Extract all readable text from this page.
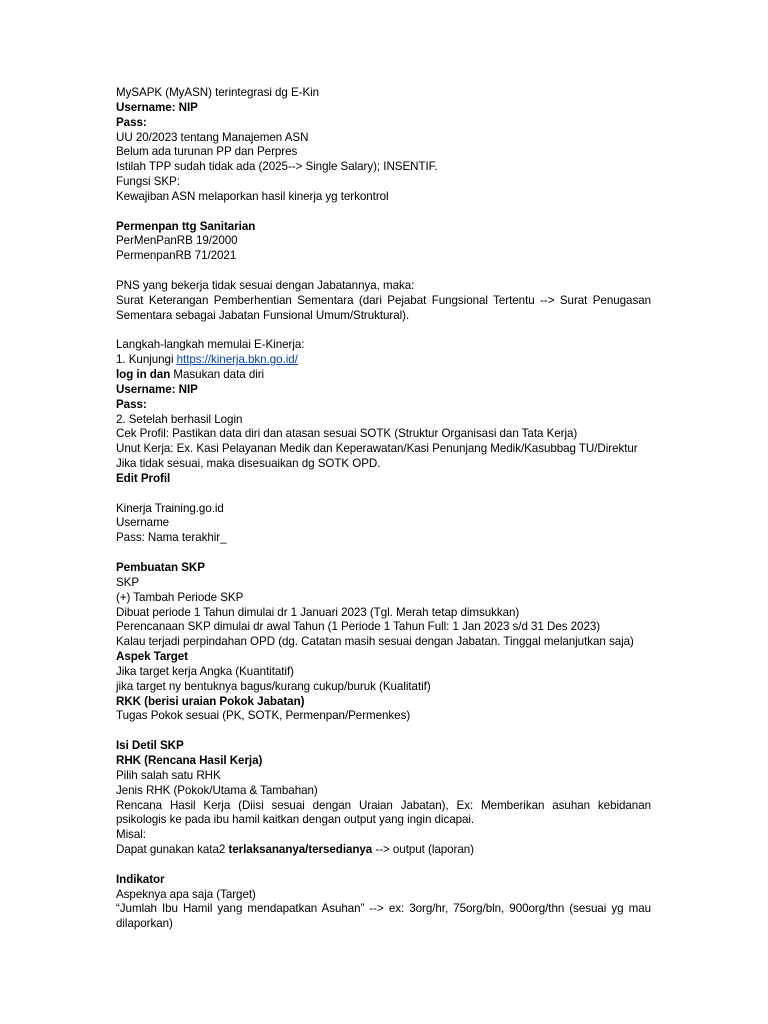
MySAPK (MyASN) terintegrasi dg E-Kin
Username: NIP
Pass:
UU 20/2023 tentang Manajemen ASN
Belum ada turunan PP dan Perpres
Istilah TPP sudah tidak ada (2025--> Single Salary); INSENTIF.
Fungsi SKP:
Kewajiban ASN melaporkan hasil kinerja yg terkontrol
Permenpan ttg Sanitarian
PerMenPanRB 19/2000
PermenpanRB 71/2021
PNS yang bekerja tidak sesuai dengan Jabatannya, maka:
Surat Keterangan Pemberhentian Sementara (dari Pejabat Fungsional Tertentu --> Surat Penugasan Sementara sebagai Jabatan Funsional Umum/Struktural).
Langkah-langkah memulai E-Kinerja:
1. Kunjungi https://kinerja.bkn.go.id/
log in dan Masukan data diri
Username: NIP
Pass:
2. Setelah berhasil Login
Cek Profil: Pastikan data diri dan atasan sesuai SOTK (Struktur Organisasi dan Tata Kerja)
Unut Kerja: Ex. Kasi Pelayanan Medik dan Keperawatan/Kasi Penunjang Medik/Kasubbag TU/Direktur
Jika tidak sesuai, maka disesuaikan dg SOTK OPD.
Edit Profil
Kinerja Training.go.id
Username
Pass: Nama terakhir_
Pembuatan SKP
SKP
(+) Tambah Periode SKP
Dibuat periode 1 Tahun dimulai dr 1 Januari 2023 (Tgl. Merah tetap dimsukkan)
Perencanaan SKP dimulai dr awal Tahun (1 Periode 1 Tahun Full: 1 Jan 2023 s/d 31 Des 2023)
Kalau terjadi perpindahan OPD (dg. Catatan masih sesuai dengan Jabatan. Tinggal melanjutkan saja)
Aspek Target
Jika target kerja Angka (Kuantitatif)
jika target ny bentuknya bagus/kurang cukup/buruk (Kualitatif)
RKK (berisi uraian Pokok Jabatan)
Tugas Pokok sesuai (PK, SOTK, Permenpan/Permenkes)
Isi Detil SKP
RHK (Rencana Hasil Kerja)
Pilih salah satu RHK
Jenis RHK (Pokok/Utama & Tambahan)
Rencana Hasil Kerja (Diisi sesuai dengan Uraian Jabatan), Ex: Memberikan asuhan kebidanan psikologis ke pada ibu hamil kaitkan dengan output yang ingin dicapai.
Misal:
Dapat gunakan kata2 terlaksananya/tersedianya --> output (laporan)
Indikator
Aspeknya apa saja (Target)
“Jumlah Ibu Hamil yang mendapatkan Asuhan” --> ex: 3org/hr, 75org/bln, 900org/thn (sesuai yg mau dilaporkan)
